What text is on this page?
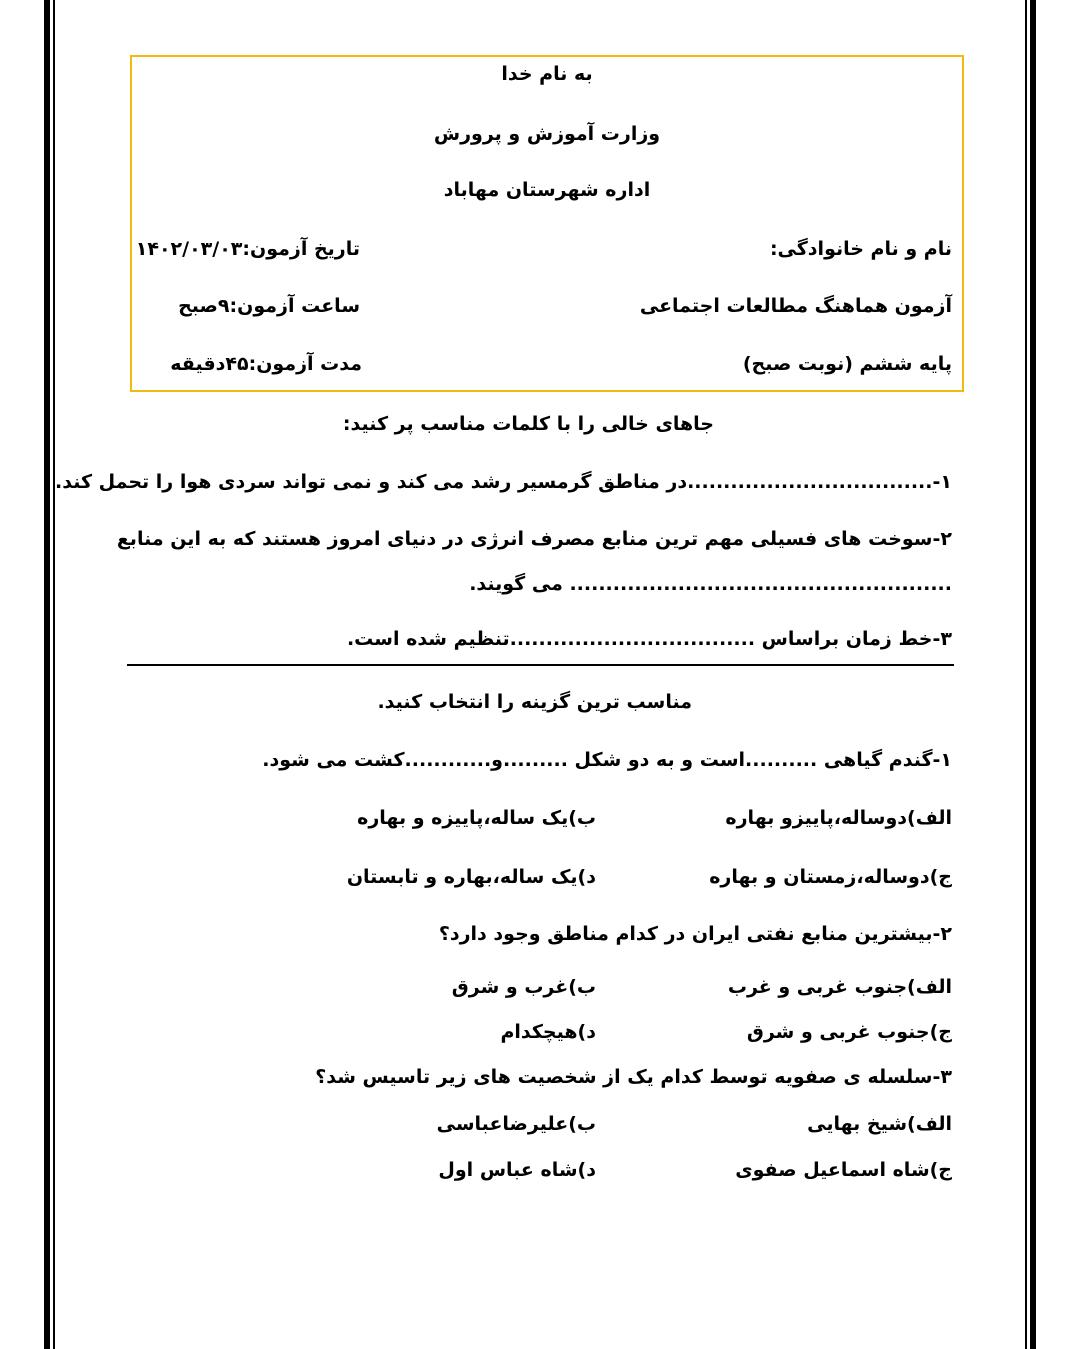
به نام خدا
وزارت آموزش و پرورش
اداره شهرستان مهاباد
نام و نام خانوادگی:
تاریخ آزمون:۱۴۰۲/۰۳/۰۳
آزمون هماهنگ مطالعات اجتماعی
ساعت آزمون:۹صبح
پایه ششم (نوبت صبح)
مدت آزمون:۴۵دقیقه
جاهای خالی را با کلمات مناسب پر کنید:
۱-..................................در مناطق گرمسیر رشد می کند و نمی تواند سردی هوا را تحمل کند.
۲-سوخت های فسیلی مهم ترین منابع مصرف انرژی در دنیای امروز هستند که به این منابع
..................................................... می گویند.
۳-خط زمان براساس ..................................تنظیم شده است.
مناسب ترین گزینه را انتخاب کنید.
۱-گندم گیاهی ..........است و به دو شکل .........و............کشت می شود.
الف)دوساله،پاییزو بهاره
ب)یک ساله،پاییزه و بهاره
ج)دوساله،زمستان و بهاره
د)یک ساله،بهاره و تابستان
۲-بیشترین منابع نفتی ایران در کدام مناطق وجود دارد؟
الف)جنوب غربی و غرب
ب)غرب و شرق
ج)جنوب غربی و شرق
د)هیچکدام
۳-سلسله ی صفویه توسط کدام یک از شخصیت های زیر تاسیس شد؟
الف)شیخ بهایی
ب)علیرضاعباسی
ج)شاه اسماعیل صفوی
د)شاه عباس اول
